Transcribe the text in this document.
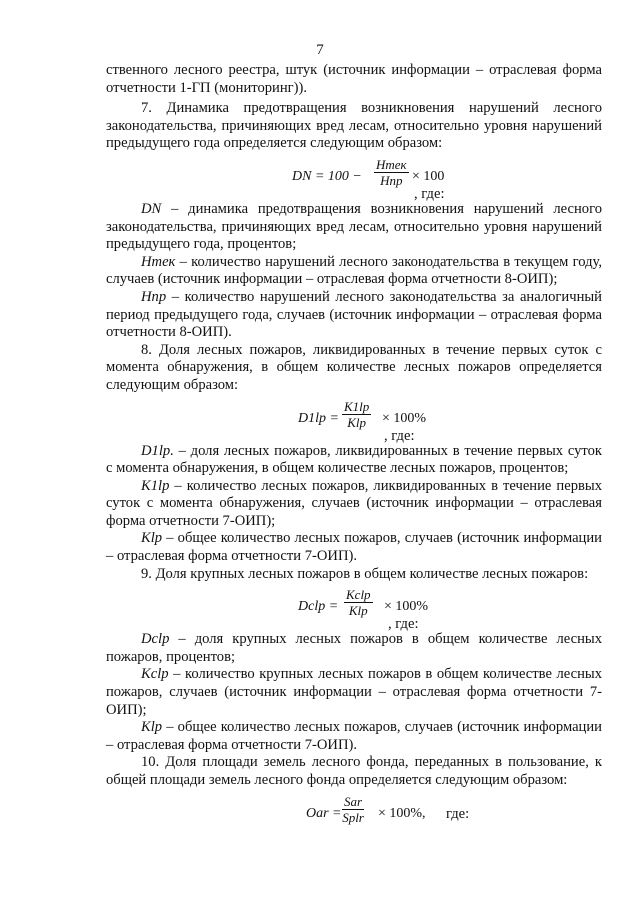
7

ственного лесного реестра, штук (источник информации – отраслевая форма отчетности 1-ГП (мониторинг)).

7. Динамика предотвращения возникновения нарушений лесного законодательства, причиняющих вред лесам, относительно уровня нарушений предыдущего года определяется следующим образом:

DN = 100 −
Hтек
Hпр × 100
, где:

DN – динамика предотвращения возникновения нарушений лесного законодательства, причиняющих вред лесам, относительно уровня нарушений предыдущего года, процентов;

Hтек – количество нарушений лесного законодательства в текущем году, случаев (источник информации – отраслевая форма отчетности 8-ОИП);

Hпр – количество нарушений лесного законодательства за аналогичный период предыдущего года, случаев (источник информации – отраслевая форма отчетности 8-ОИП).

8. Доля лесных пожаров, ликвидированных в течение первых суток с момента обнаружения, в общем количестве лесных пожаров определяется следующим образом:

D1lp =
K1lp
Klp	× 100%
, где:

D1lp. – доля лесных пожаров, ликвидированных в течение первых суток с момента обнаружения, в общем количестве лесных пожаров, процентов;

K1lp – количество лесных пожаров, ликвидированных в течение первых суток с момента обнаружения, случаев (источник информации – отраслевая форма отчетности 7-ОИП);

Klp – общее количество лесных пожаров, случаев (источник информации – отраслевая форма отчетности 7-ОИП).

9. Доля крупных лесных пожаров в общем количестве лесных пожаров:

Dclp =
Kclp
Klp	× 100%
, где:

Dclp – доля крупных лесных пожаров в общем количестве лесных пожаров, процентов;

Kclp – количество крупных лесных пожаров в общем количестве лесных пожаров, случаев (источник информации – отраслевая форма отчетности 7-ОИП);

Klp – общее количество лесных пожаров, случаев (источник информации – отраслевая форма отчетности 7-ОИП).

10. Доля площади земель лесного фонда, переданных в пользование, к общей площади земель лесного фонда определяется следующим образом:

Oar =
Sar
Splr × 100%, где:
